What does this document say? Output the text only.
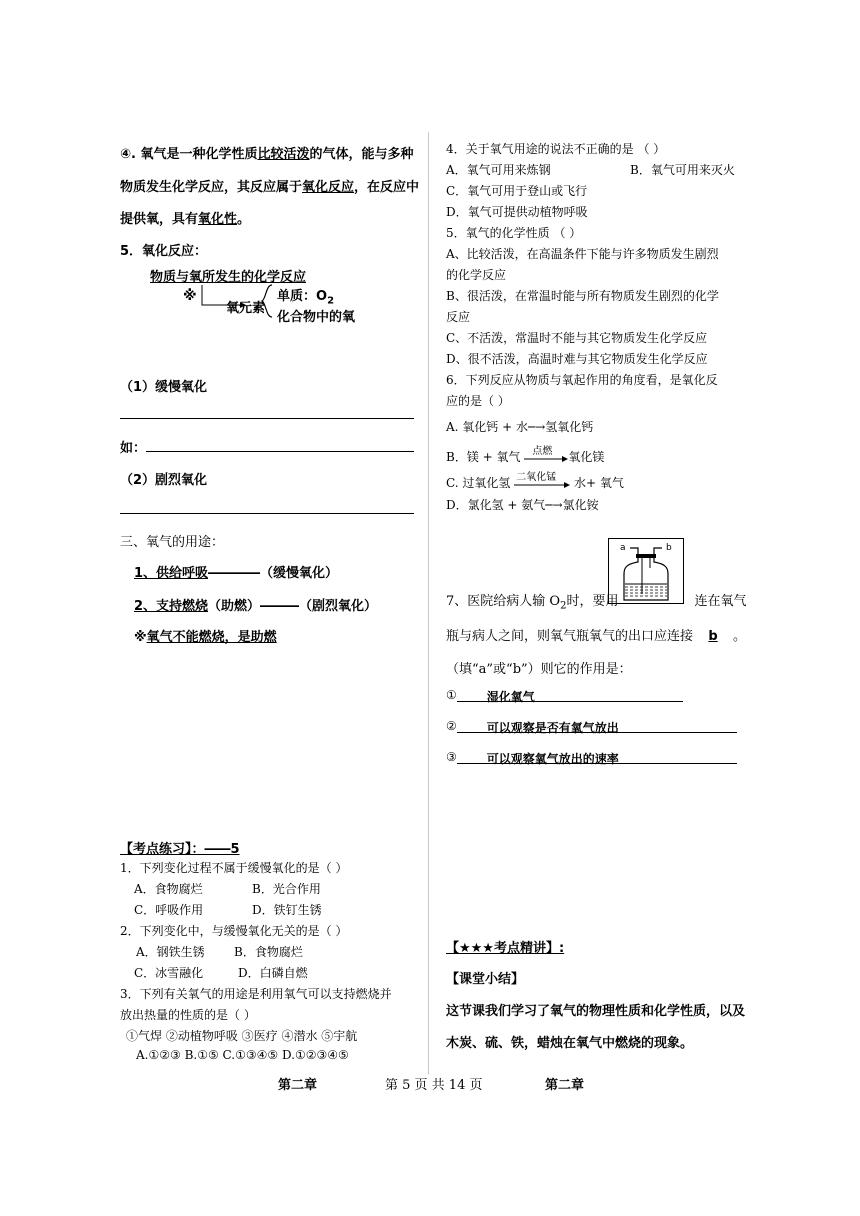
④. 氧气是一种化学性质比较活泼的气体，能与多种
物质发生化学反应，其反应属于氧化反应，在反应中
提供氧，具有氧化性。
5．氧化反应：
物质与氧所发生的化学反应
※
氧元素
单质：$O_2$
化合物中的氧
（1）缓慢氧化
如：
（2）剧烈氧化
三、氧气的用途：
1、供给呼吸――――（缓慢氧化）
2、支持燃烧（助燃）―――（剧烈氧化）
※氧气不能燃烧，是助燃
【考点练习】：――5
1．下列变化过程不属于缓慢氧化的是（ ）
A．食物腐烂	B．光合作用
C．呼吸作用	D．铁钉生锈
2．下列变化中，与缓慢氧化无关的是（ ）
A．钢铁生锈 B．食物腐烂
C．冰雪融化	D．白磷自燃
3．下列有关氧气的用途是利用氧气可以支持燃烧并
放出热量的性质的是（ ）
①气焊 ②动植物呼吸 ③医疗 ④潜水 ⑤宇航
A.①②③ B.①⑤ C.①③④⑤ D.①②③④⑤
4．关于氧气用途的说法不正确的是 （ ）
A．氧气可用来炼钢	B．氧气可用来灭火
C．氧气可用于登山或飞行
D．氧气可提供动植物呼吸
5．氧气的化学性质 （ ）
A、比较活泼，在高温条件下能与许多物质发生剧烈
的化学反应
B、很活泼，在常温时能与所有物质发生剧烈的化学
反应
C、不活泼，常温时不能与其它物质发生化学反应
D、很不活泼，高温时难与其它物质发生化学反应
6．下列反应从物质与氧起作用的角度看，是氧化反
应的是（ ）
A. 氧化钙 + 水─→氢氧化钙
B．镁 + 氧气 点燃 氧化镁
C. 过氧化氢 二氧化锰 水+ 氧气
D．氯化氢 + 氨气─→氯化铵
a	b
7、医院给病人输 $O_2$时，要用	连在氧气
瓶与病人之间，则氧气瓶氧气的出口应连接 b 。
（填“a”或“b”）则它的作用是：
①	湿化氧气
②	可以观察是否有氧气放出
③	可以观察氧气放出的速率
【★★★考点精讲】:
【课堂小结】
这节课我们学习了氧气的物理性质和化学性质，以及
木炭、硫、铁，蜡烛在氧气中燃烧的现象。
第二章	第 5 页 共 14 页	第二章
